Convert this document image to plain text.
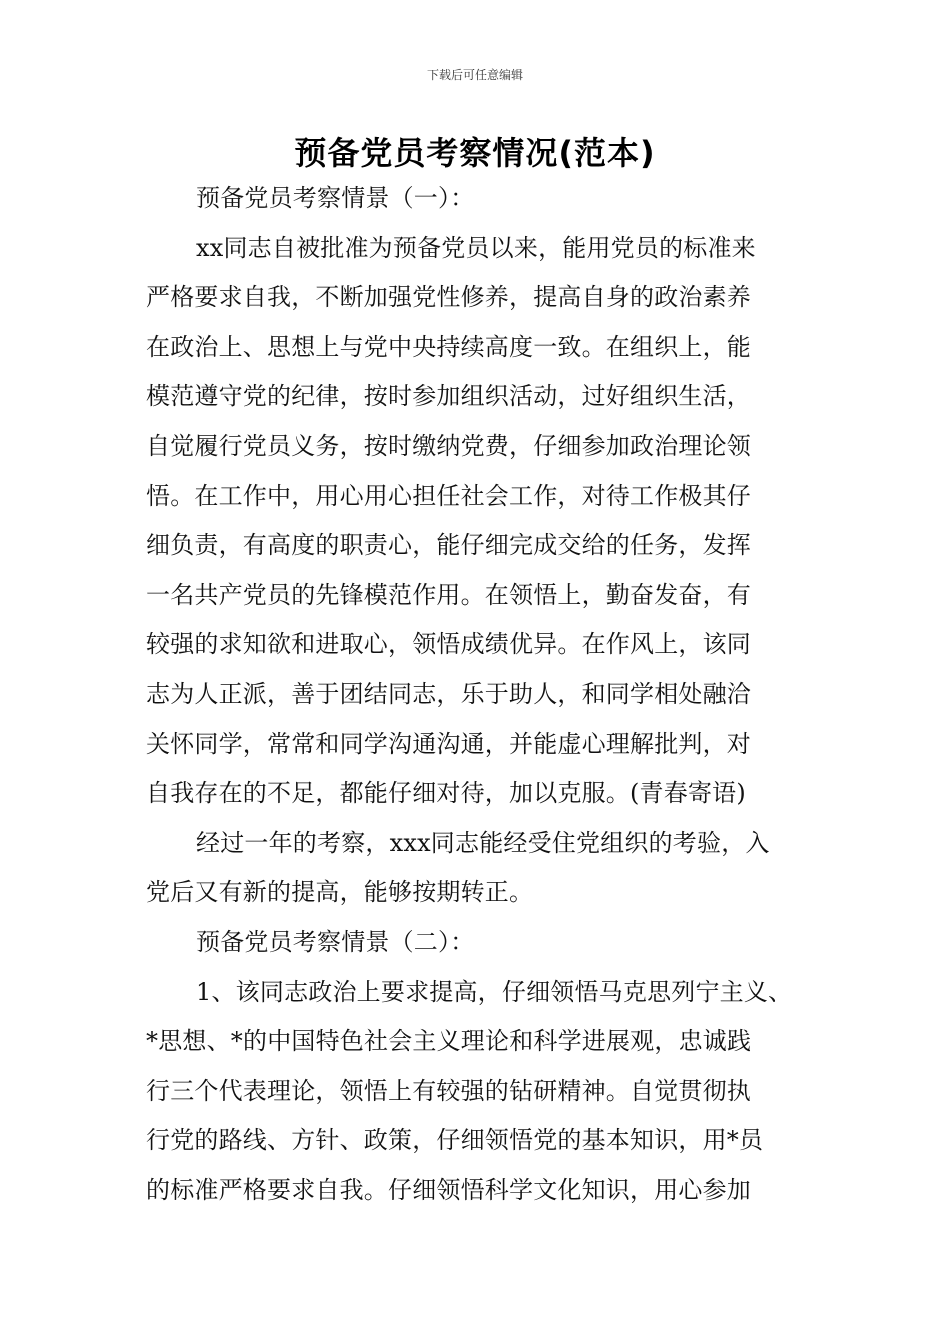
下载后可任意编辑
预备党员考察情况(范本)
预备党员考察情景（一）：
xx同志自被批准为预备党员以来，能用党员的标准来
严格要求自我，不断加强党性修养，提高自身的政治素养
在政治上、思想上与党中央持续高度一致。在组织上，能
模范遵守党的纪律，按时参加组织活动，过好组织生活，
自觉履行党员义务，按时缴纳党费，仔细参加政治理论领
悟。在工作中，用心用心担任社会工作，对待工作极其仔
细负责，有高度的职责心，能仔细完成交给的任务，发挥
一名共产党员的先锋模范作用。在领悟上，勤奋发奋，有
较强的求知欲和进取心，领悟成绩优异。在作风上，该同
志为人正派，善于团结同志，乐于助人，和同学相处融洽
关怀同学，常常和同学沟通沟通，并能虚心理解批判，对
自我存在的不足，都能仔细对待，加以克服。(青春寄语)
经过一年的考察，xxx同志能经受住党组织的考验，入
党后又有新的提高，能够按期转正。
预备党员考察情景（二）：
1、该同志政治上要求提高，仔细领悟马克思列宁主义、
*思想、*的中国特色社会主义理论和科学进展观，忠诚践
行三个代表理论，领悟上有较强的钻研精神。自觉贯彻执
行党的路线、方针、政策，仔细领悟党的基本知识，用*员
的标准严格要求自我。仔细领悟科学文化知识，用心参加
